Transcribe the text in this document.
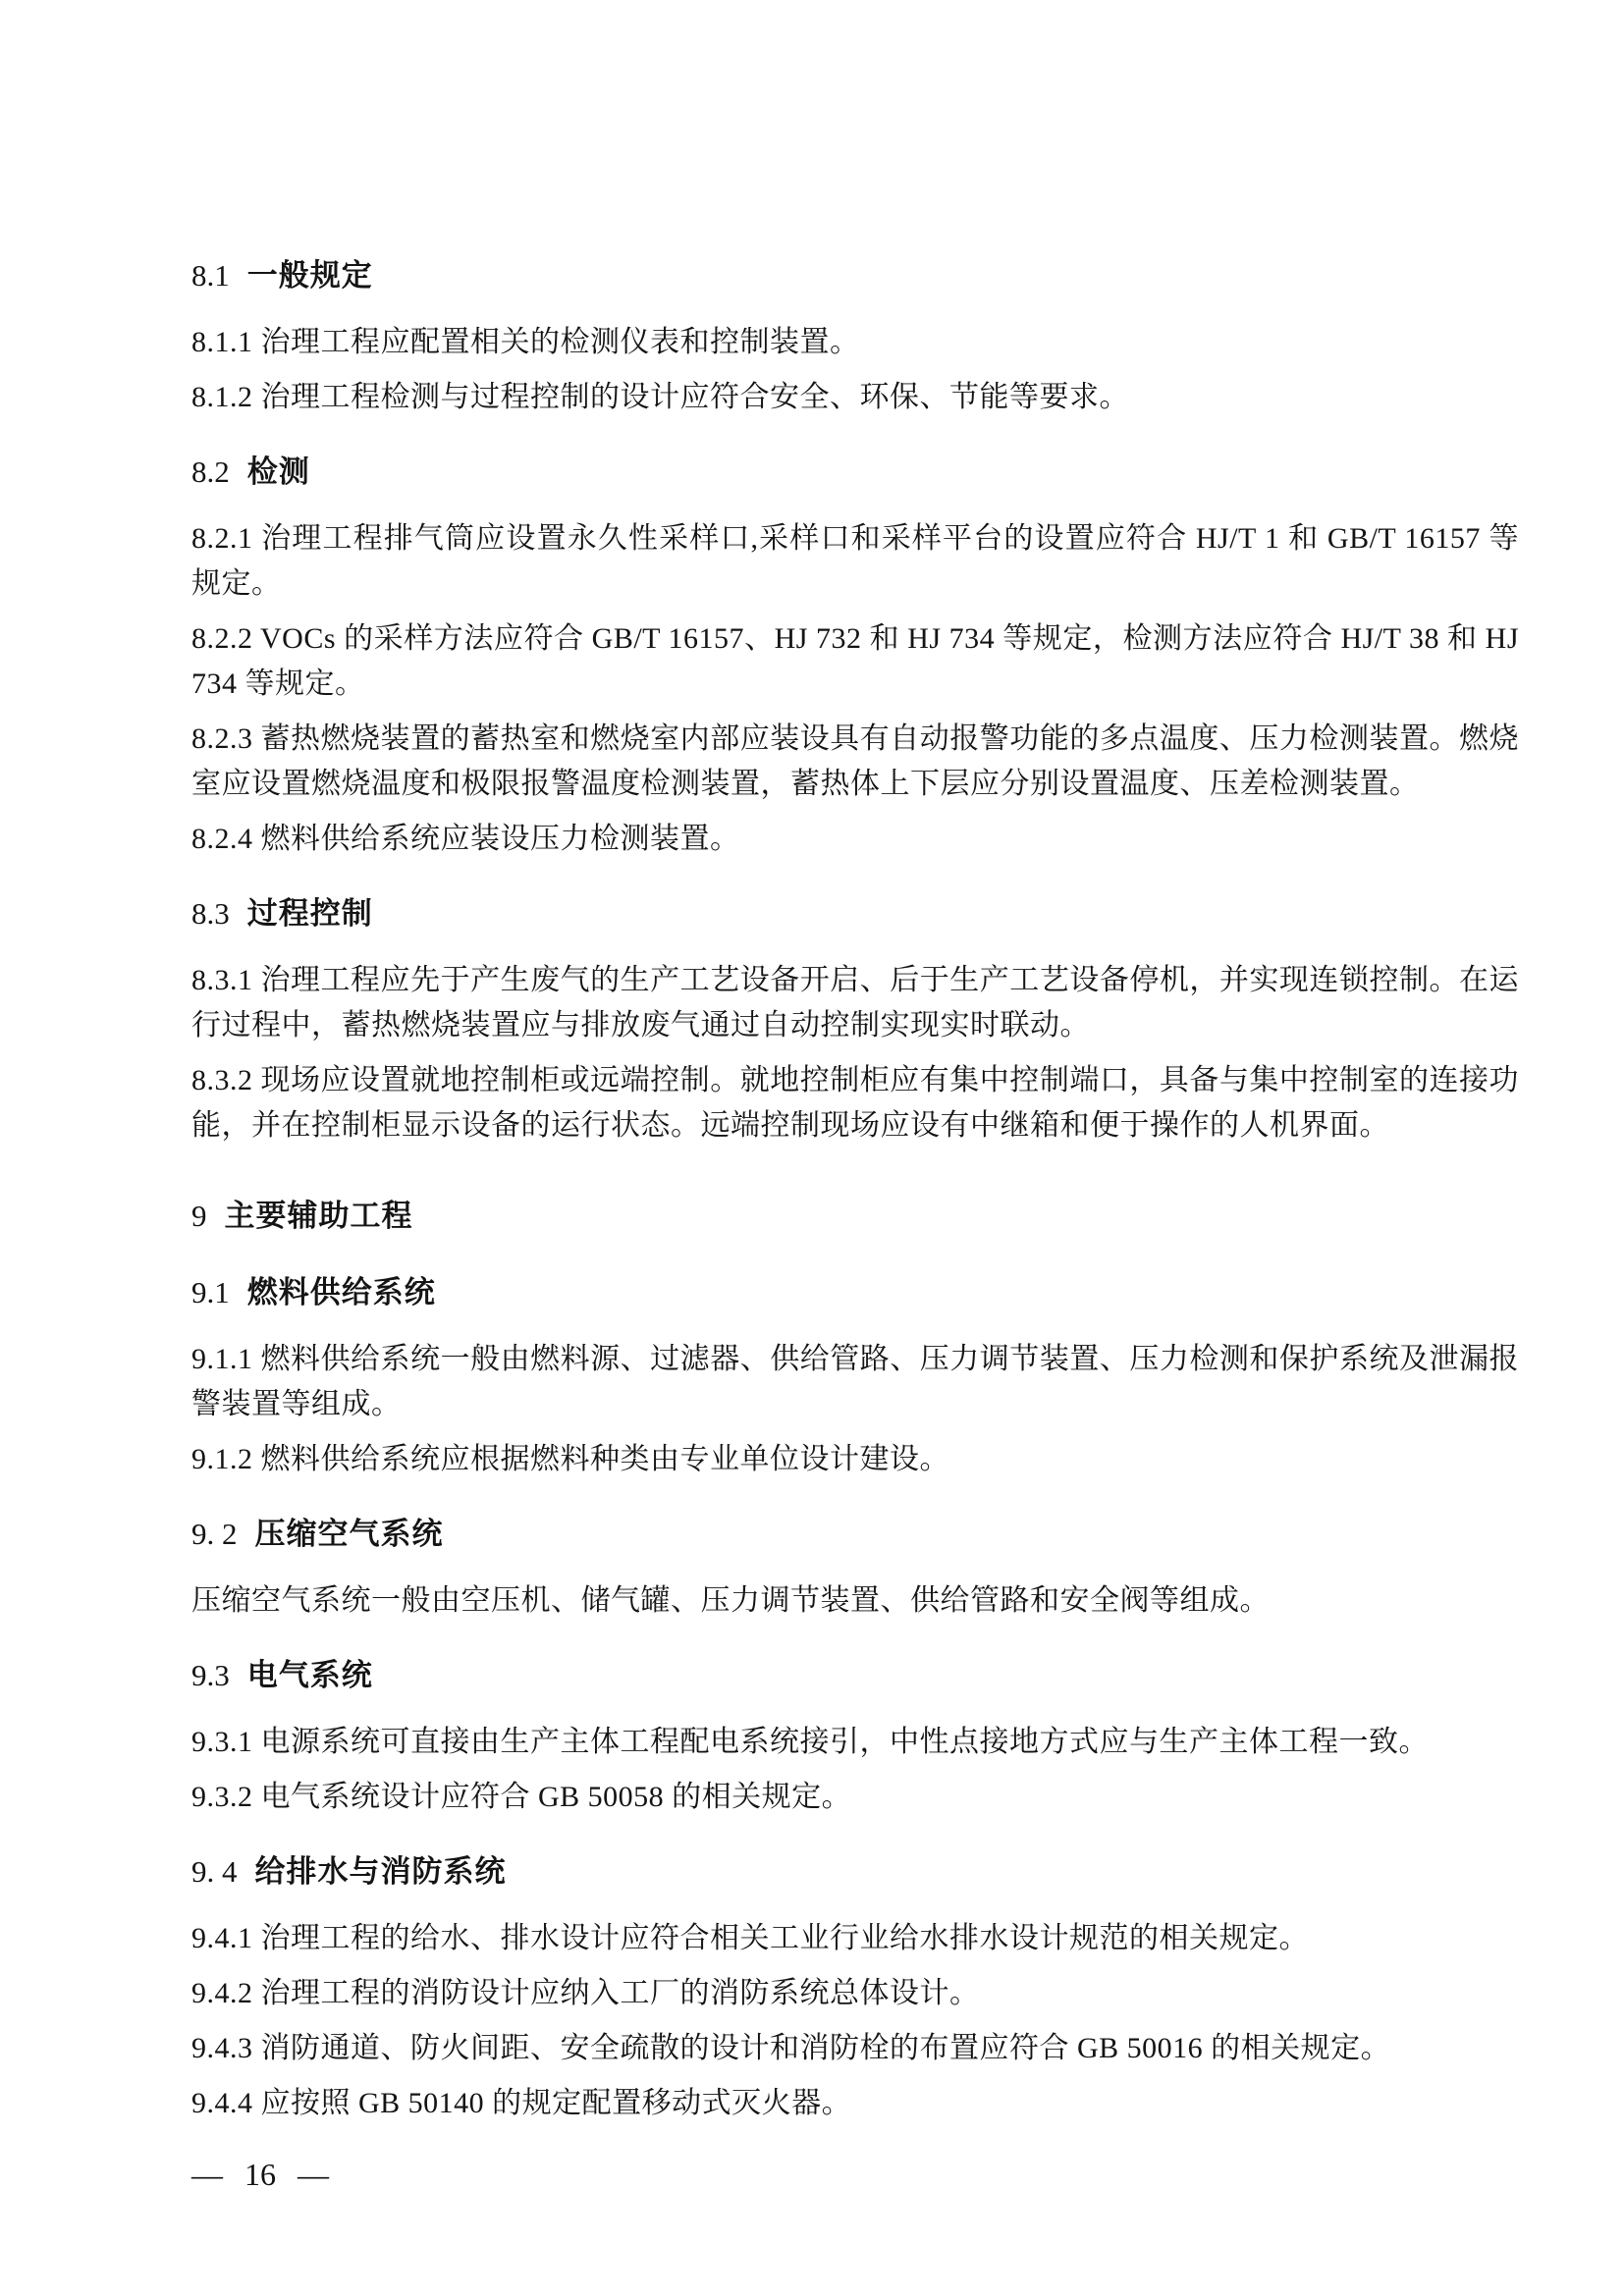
8.1 一般规定

8.1.1 治理工程应配置相关的检测仪表和控制装置。

8.1.2 治理工程检测与过程控制的设计应符合安全、环保、节能等要求。

8.2 检测

8.2.1 治理工程排气筒应设置永久性采样口,采样口和采样平台的设置应符合 HJ/T 1 和 GB/T 16157 等规定。

8.2.2 VOCs 的采样方法应符合 GB/T 16157、HJ 732 和 HJ 734 等规定，检测方法应符合 HJ/T 38 和 HJ 734 等规定。

8.2.3 蓄热燃烧装置的蓄热室和燃烧室内部应装设具有自动报警功能的多点温度、压力检测装置。燃烧室应设置燃烧温度和极限报警温度检测装置，蓄热体上下层应分别设置温度、压差检测装置。

8.2.4 燃料供给系统应装设压力检测装置。

8.3 过程控制

8.3.1 治理工程应先于产生废气的生产工艺设备开启、后于生产工艺设备停机，并实现连锁控制。在运行过程中，蓄热燃烧装置应与排放废气通过自动控制实现实时联动。

8.3.2 现场应设置就地控制柜或远端控制。就地控制柜应有集中控制端口，具备与集中控制室的连接功能，并在控制柜显示设备的运行状态。远端控制现场应设有中继箱和便于操作的人机界面。

9 主要辅助工程
9.1 燃料供给系统

9.1.1 燃料供给系统一般由燃料源、过滤器、供给管路、压力调节装置、压力检测和保护系统及泄漏报警装置等组成。

9.1.2 燃料供给系统应根据燃料种类由专业单位设计建设。

9. 2 压缩空气系统

压缩空气系统一般由空压机、储气罐、压力调节装置、供给管路和安全阀等组成。

9.3 电气系统

9.3.1 电源系统可直接由生产主体工程配电系统接引，中性点接地方式应与生产主体工程一致。

9.3.2 电气系统设计应符合 GB 50058 的相关规定。

9. 4 给排水与消防系统

9.4.1 治理工程的给水、排水设计应符合相关工业行业给水排水设计规范的相关规定。

9.4.2 治理工程的消防设计应纳入工厂的消防系统总体设计。

9.4.3 消防通道、防火间距、安全疏散的设计和消防栓的布置应符合 GB 50016 的相关规定。

9.4.4 应按照 GB 50140 的规定配置移动式灭火器。

— 16 —
